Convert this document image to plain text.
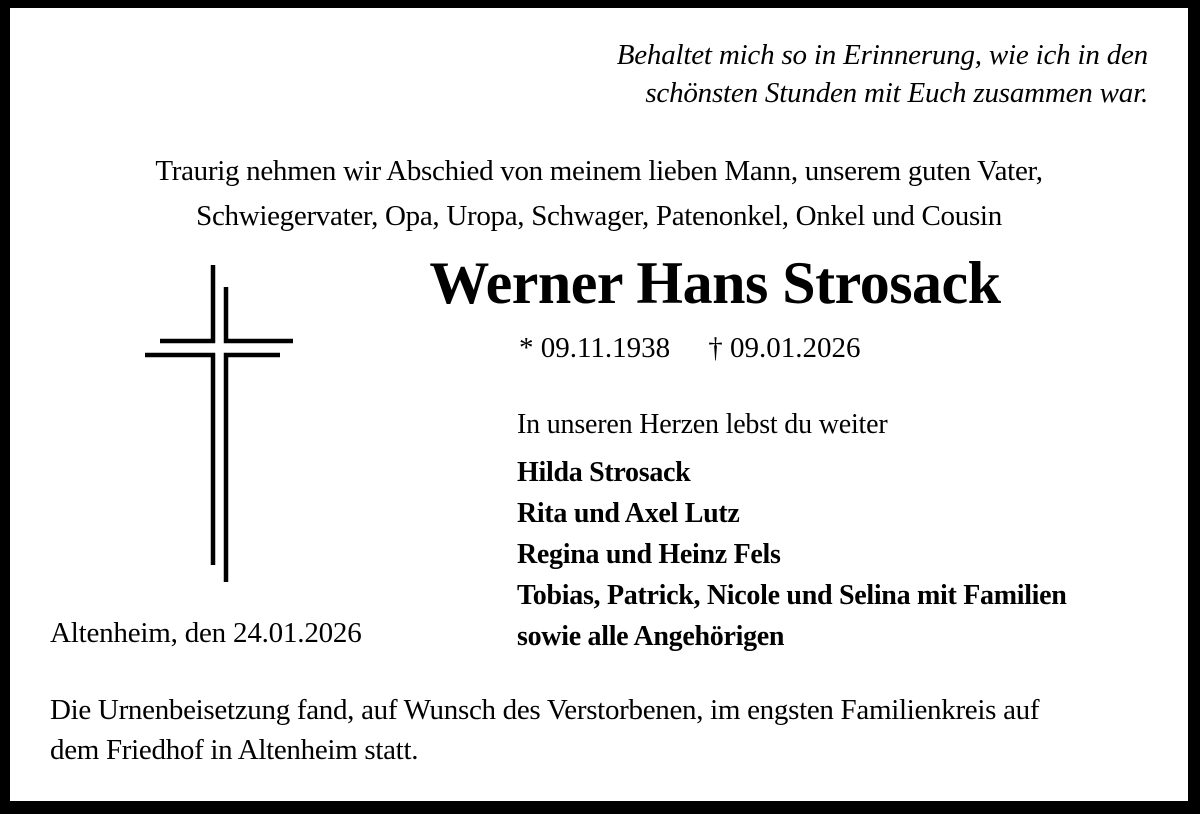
Behaltet mich so in Erinnerung, wie ich in den
schönsten Stunden mit Euch zusammen war.
Traurig nehmen wir Abschied von meinem lieben Mann, unserem guten Vater,
Schwiegervater, Opa, Uropa, Schwager, Patenonkel, Onkel und Cousin
Werner Hans Strosack
* 09.11.1938 † 09.01.2026
In unseren Herzen lebst du weiter
Hilda Strosack
Rita und Axel Lutz
Regina und Heinz Fels
Tobias, Patrick, Nicole und Selina mit Familien
sowie alle Angehörigen
Altenheim, den 24.01.2026
Die Urnenbeisetzung fand, auf Wunsch des Verstorbenen, im engsten Familienkreis auf
dem Friedhof in Altenheim statt.
